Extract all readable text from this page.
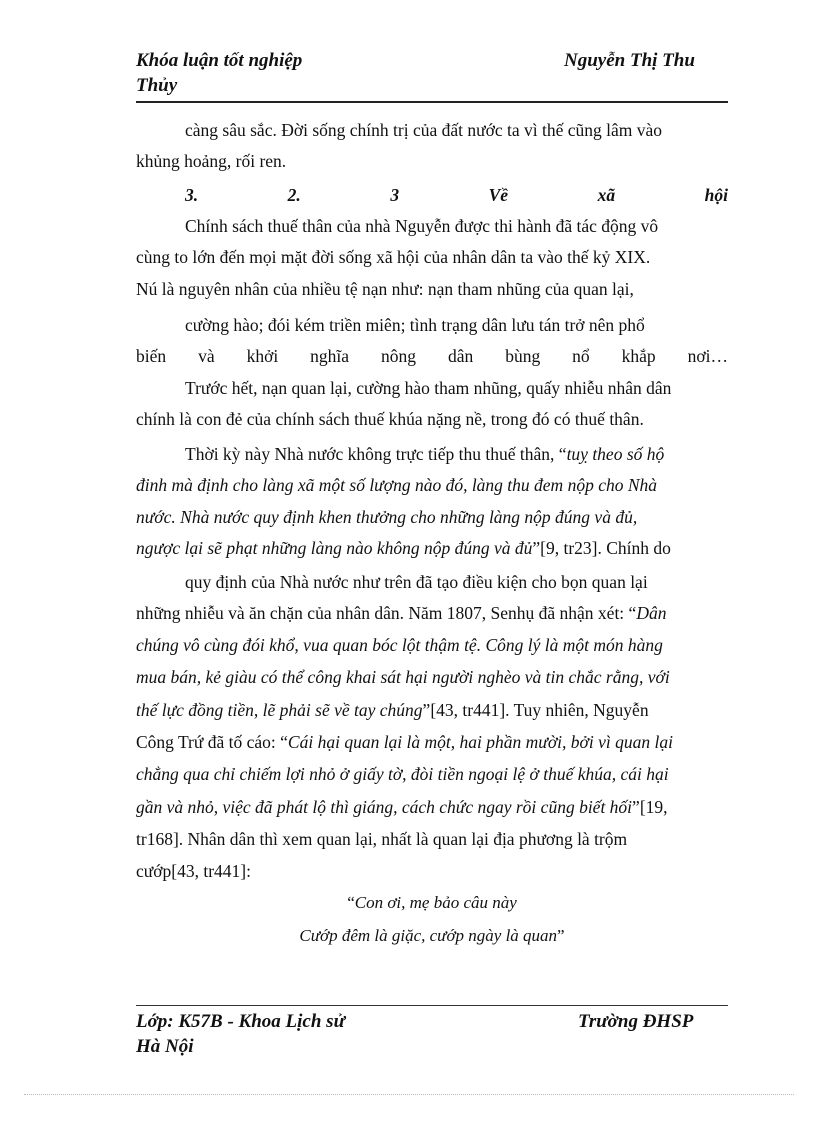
Khóa luận tốt nghiệp	Nguyễn Thị Thu
Thủy
càng sâu sắc. Đời sống chính trị của đất nước ta vì thế cũng lâm vào
khủng hoảng, rối ren.
3.	2.	3	Về	xã	hội
Chính sách thuế thân của nhà Nguyễn được thi hành đã tác động vô
cùng to lớn đến mọi mặt đời sống xã hội của nhân dân ta vào thế kỷ XIX.
Nú là nguyên nhân của nhiều tệ nạn như: nạn tham nhũng của quan lại,
cường hào; đói kém triền miên; tình trạng dân lưu tán trở nên phổ
biến và khởi nghĩa nông dân bùng nổ khắp nơi…
Trước hết, nạn quan lại, cường hào tham nhũng, quấy nhiễu nhân dân
chính là con đẻ của chính sách thuế khúa nặng nề, trong đó có thuế thân.
Thời kỳ này Nhà nước không trực tiếp thu thuế thân, “tuỵ theo số hộ
đinh mà định cho làng xã một số lượng nào đó, làng thu đem nộp cho Nhà
nước. Nhà nước quy định khen thưởng cho những làng nộp đúng và đủ,
ngược lại sẽ phạt những làng nào không nộp đúng và đủ”[9, tr23]. Chính do
quy định của Nhà nước như trên đã tạo điều kiện cho bọn quan lại
những nhiễu và ăn chặn của nhân dân. Năm 1807, Senhụ đã nhận xét: “Dân
chúng vô cùng đói khổ, vua quan bóc lột thậm tệ. Công lý là một món hàng
mua bán, kẻ giàu có thể công khai sát hại người nghèo và tin chắc rằng, với
thế lực đồng tiền, lẽ phải sẽ về tay chúng”[43, tr441]. Tuy nhiên, Nguyễn
Công Trứ đã tố cáo: “Cái hại quan lại là một, hai phần mười, bởi vì quan lại
chẳng qua chỉ chiếm lợi nhỏ ở giấy tờ, đòi tiền ngoại lệ ở thuế khúa, cái hại
gần và nhỏ, việc đã phát lộ thì giáng, cách chức ngay rồi cũng biết hối”[19,
tr168]. Nhân dân thì xem quan lại, nhất là quan lại địa phương là trộm
cướp[43, tr441]:
“Con ơi, mẹ bảo câu này
Cướp đêm là giặc, cướp ngày là quan”
Lớp: K57B - Khoa Lịch sử	Trường ĐHSP
Hà Nội
